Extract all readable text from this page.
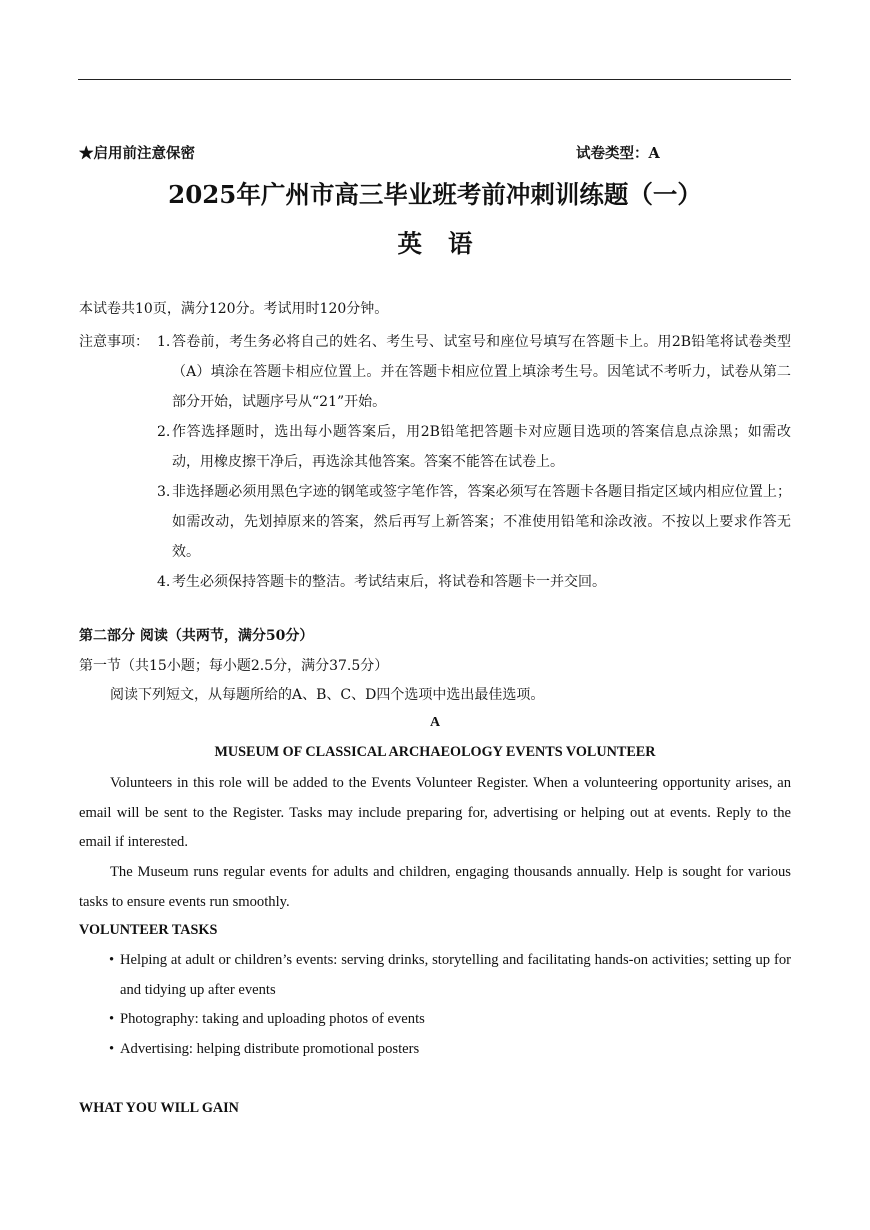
★启用前注意保密	试卷类型：A
2025年广州市高三毕业班考前冲刺训练题（一）
英语
本试卷共10页，满分120分。考试用时120分钟。
注意事项： 1. 答卷前，考生务必将自己的姓名、考生号、试室号和座位号填写在答题卡上。用2B铅笔将试卷类型（A）填涂在答题卡相应位置上。并在答题卡相应位置上填涂考生号。因笔试不考听力，试卷从第二部分开始，试题序号从“21”开始。
2. 作答选择题时，选出每小题答案后，用2B铅笔把答题卡对应题目选项的答案信息点涂黑；如需改动，用橡皮擦干净后，再选涂其他答案。答案不能答在试卷上。
3. 非选择题必须用黑色字迹的钢笔或签字笔作答，答案必须写在答题卡各题目指定区域内相应位置上；如需改动，先划掉原来的答案，然后再写上新答案；不准使用铅笔和涂改液。不按以上要求作答无效。
4. 考生必须保持答题卡的整洁。考试结束后，将试卷和答题卡一并交回。
第二部分 阅读（共两节，满分50分）
第一节（共15小题；每小题2.5分，满分37.5分）
阅读下列短文，从每题所给的A、B、C、D四个选项中选出最佳选项。
A
MUSEUM OF CLASSICAL ARCHAEOLOGY EVENTS VOLUNTEER
Volunteers in this role will be added to the Events Volunteer Register. When a volunteering opportunity arises, an email will be sent to the Register. Tasks may include preparing for, advertising or helping out at events. Reply to the email if interested.
The Museum runs regular events for adults and children, engaging thousands annually. Help is sought for various tasks to ensure events run smoothly.
VOLUNTEER TASKS
• Helping at adult or children’s events: serving drinks, storytelling and facilitating hands-on activities; setting up for and tidying up after events
• Photography: taking and uploading photos of events
• Advertising: helping distribute promotional posters
WHAT YOU WILL GAIN
